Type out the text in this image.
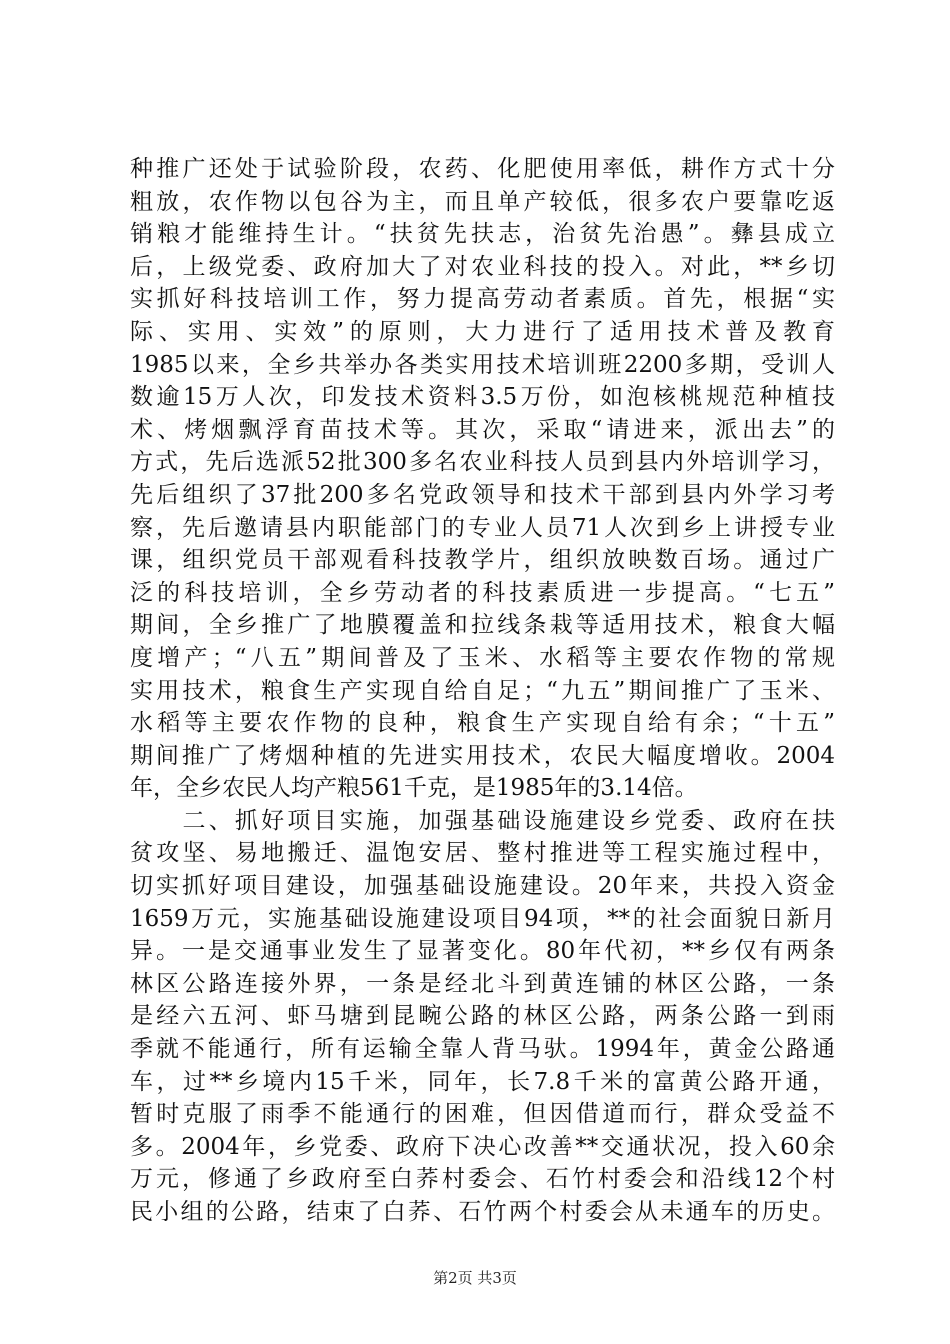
种推广还处于试验阶段，农药、化肥使用率低，耕作方式十分
粗放，农作物以包谷为主，而且单产较低，很多农户要靠吃返
销粮才能维持生计。“扶贫先扶志，治贫先治愚”。彝县成立
后，上级党委、政府加大了对农业科技的投入。对此，**乡切
实抓好科技培训工作，努力提高劳动者素质。首先，根据“实
际、实用、实效”的原则，大力进行了适用技术普及教育
1985以来，全乡共举办各类实用技术培训班2200多期，受训人
数逾15万人次，印发技术资料3.5万份，如泡核桃规范种植技
术、烤烟飘浮育苗技术等。其次，采取“请进来，派出去”的
方式，先后选派52批300多名农业科技人员到县内外培训学习，
先后组织了37批200多名党政领导和技术干部到县内外学习考
察，先后邀请县内职能部门的专业人员71人次到乡上讲授专业
课，组织党员干部观看科技教学片，组织放映数百场。通过广
泛的科技培训，全乡劳动者的科技素质进一步提高。“七五”
期间，全乡推广了地膜覆盖和拉线条栽等适用技术，粮食大幅
度增产；“八五”期间普及了玉米、水稻等主要农作物的常规
实用技术，粮食生产实现自给自足；“九五”期间推广了玉米、
水稻等主要农作物的良种，粮食生产实现自给有余；“十五”
期间推广了烤烟种植的先进实用技术，农民大幅度增收。2004
年，全乡农民人均产粮561千克，是1985年的3.14倍。
　　二、抓好项目实施，加强基础设施建设乡党委、政府在扶
贫攻坚、易地搬迁、温饱安居、整村推进等工程实施过程中，
切实抓好项目建设，加强基础设施建设。20年来，共投入资金
1659万元，实施基础设施建设项目94项，**的社会面貌日新月
异。一是交通事业发生了显著变化。80年代初，**乡仅有两条
林区公路连接外界，一条是经北斗到黄连铺的林区公路，一条
是经六五河、虾马塘到昆畹公路的林区公路，两条公路一到雨
季就不能通行，所有运输全靠人背马驮。1994年，黄金公路通
车，过**乡境内15千米，同年，长7.8千米的富黄公路开通，
暂时克服了雨季不能通行的困难，但因借道而行，群众受益不
多。2004年，乡党委、政府下决心改善**交通状况，投入60余
万元，修通了乡政府至白荞村委会、石竹村委会和沿线12个村
民小组的公路，结束了白荞、石竹两个村委会从未通车的历史。
第2页 共3页
